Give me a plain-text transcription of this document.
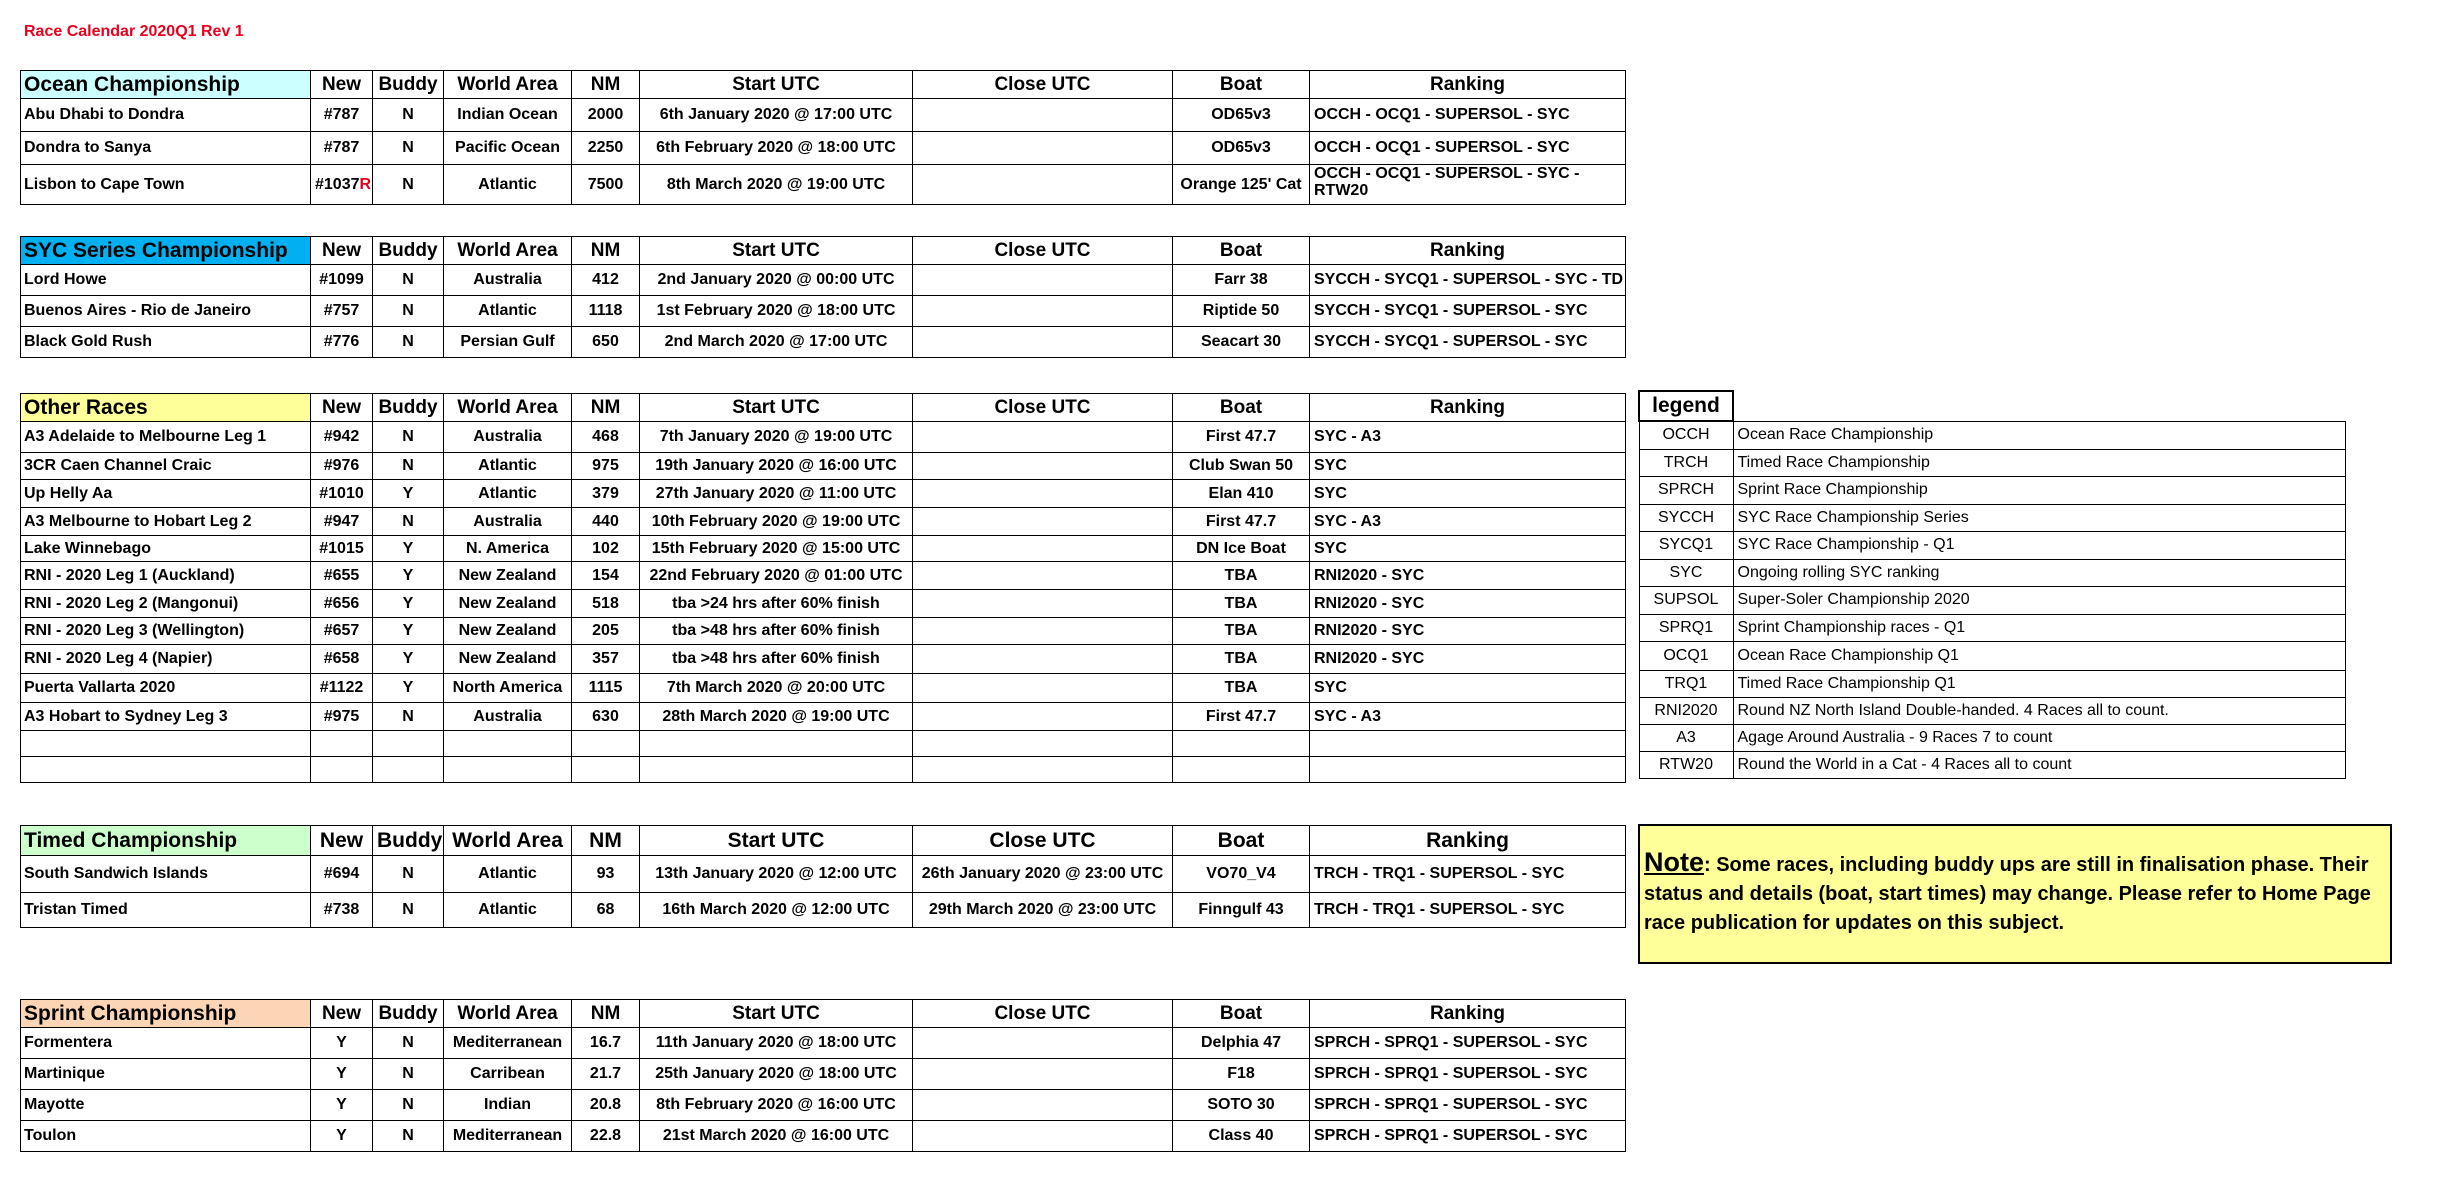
Race Calendar 2020Q1 Rev 1
Ocean Championship	New	Buddy	World Area	NM	Start UTC	Close UTC	Boat	Ranking
Abu Dhabi to Dondra	#787	N	Indian Ocean	2000	6th January 2020 @ 17:00 UTC		OD65v3	OCCH - OCQ1 - SUPERSOL - SYC
Dondra to Sanya	#787	N	Pacific Ocean	2250	6th February 2020 @ 18:00 UTC		OD65v3	OCCH - OCQ1 - SUPERSOL - SYC
Lisbon to Cape Town	#1037R	N	Atlantic	7500	8th March 2020 @ 19:00 UTC		Orange 125' Cat	OCCH - OCQ1 - SUPERSOL - SYC - RTW20
SYC Series Championship	New	Buddy	World Area	NM	Start UTC	Close UTC	Boat	Ranking
Lord Howe	#1099	N	Australia	412	2nd January 2020 @ 00:00 UTC		Farr 38	SYCCH - SYCQ1 - SUPERSOL - SYC - TD
Buenos Aires - Rio de Janeiro	#757	N	Atlantic	1118	1st February 2020 @ 18:00 UTC		Riptide 50	SYCCH - SYCQ1 - SUPERSOL - SYC
Black Gold Rush	#776	N	Persian Gulf	650	2nd March 2020 @ 17:00 UTC		Seacart 30	SYCCH - SYCQ1 - SUPERSOL - SYC
Other Races	New	Buddy	World Area	NM	Start UTC	Close UTC	Boat	Ranking
A3 Adelaide to Melbourne Leg 1	#942	N	Australia	468	7th January 2020 @ 19:00 UTC		First 47.7	SYC - A3
3CR Caen Channel Craic	#976	N	Atlantic	975	19th January 2020 @ 16:00 UTC		Club Swan 50	SYC
Up Helly Aa	#1010	Y	Atlantic	379	27th January 2020 @ 11:00 UTC		Elan 410	SYC
A3 Melbourne to Hobart Leg 2	#947	N	Australia	440	10th February 2020 @ 19:00 UTC		First 47.7	SYC - A3
Lake Winnebago	#1015	Y	N. America	102	15th February 2020 @ 15:00 UTC		DN Ice Boat	SYC
RNI - 2020 Leg 1 (Auckland)	#655	Y	New Zealand	154	22nd February 2020 @ 01:00 UTC		TBA	RNI2020 - SYC
RNI - 2020 Leg 2 (Mangonui)	#656	Y	New Zealand	518	tba >24 hrs after 60% finish		TBA	RNI2020 - SYC
RNI - 2020 Leg 3 (Wellington)	#657	Y	New Zealand	205	tba >48 hrs after 60% finish		TBA	RNI2020 - SYC
RNI - 2020 Leg 4 (Napier)	#658	Y	New Zealand	357	tba >48 hrs after 60% finish		TBA	RNI2020 - SYC
Puerta Vallarta 2020	#1122	Y	North America	1115	7th March 2020 @ 20:00 UTC		TBA	SYC
A3 Hobart to Sydney Leg 3	#975	N	Australia	630	28th March 2020 @ 19:00 UTC		First 47.7	SYC - A3

Timed Championship	New	Buddy	World Area	NM	Start UTC	Close UTC	Boat	Ranking
South Sandwich Islands	#694	N	Atlantic	93	13th January 2020 @ 12:00 UTC	26th January 2020 @ 23:00 UTC	VO70_V4	TRCH - TRQ1 - SUPERSOL - SYC
Tristan Timed	#738	N	Atlantic	68	16th March 2020 @ 12:00 UTC	29th March 2020 @ 23:00 UTC	Finngulf 43	TRCH - TRQ1 - SUPERSOL - SYC
Sprint Championship	New	Buddy	World Area	NM	Start UTC	Close UTC	Boat	Ranking
Formentera	Y	N	Mediterranean	16.7	11th January 2020 @ 18:00 UTC		Delphia 47	SPRCH - SPRQ1 - SUPERSOL - SYC
Martinique	Y	N	Carribean	21.7	25th January 2020 @ 18:00 UTC		F18	SPRCH - SPRQ1 - SUPERSOL - SYC
Mayotte	Y	N	Indian	20.8	8th February 2020 @ 16:00 UTC		SOTO 30	SPRCH - SPRQ1 - SUPERSOL - SYC
Toulon	Y	N	Mediterranean	22.8	21st March 2020 @ 16:00 UTC		Class 40	SPRCH - SPRQ1 - SUPERSOL - SYC
legend	
OCCH	Ocean Race Championship
TRCH	Timed Race Championship
SPRCH	Sprint Race Championship
SYCCH	SYC Race Championship Series
SYCQ1	SYC Race Championship - Q1
SYC	Ongoing rolling SYC ranking
SUPSOL	Super-Soler Championship 2020
SPRQ1	Sprint Championship races - Q1
OCQ1	Ocean Race Championship Q1
TRQ1	Timed Race Championship Q1
RNI2020	Round NZ North Island Double-handed. 4 Races all to count.
A3	Agage Around Australia - 9 Races 7 to count
RTW20	Round the World in a Cat - 4 Races all to count
Note: Some races, including buddy ups are still in finalisation phase. Their status and details (boat, start times) may change. Please refer to Home Page race publication for updates on this subject.
